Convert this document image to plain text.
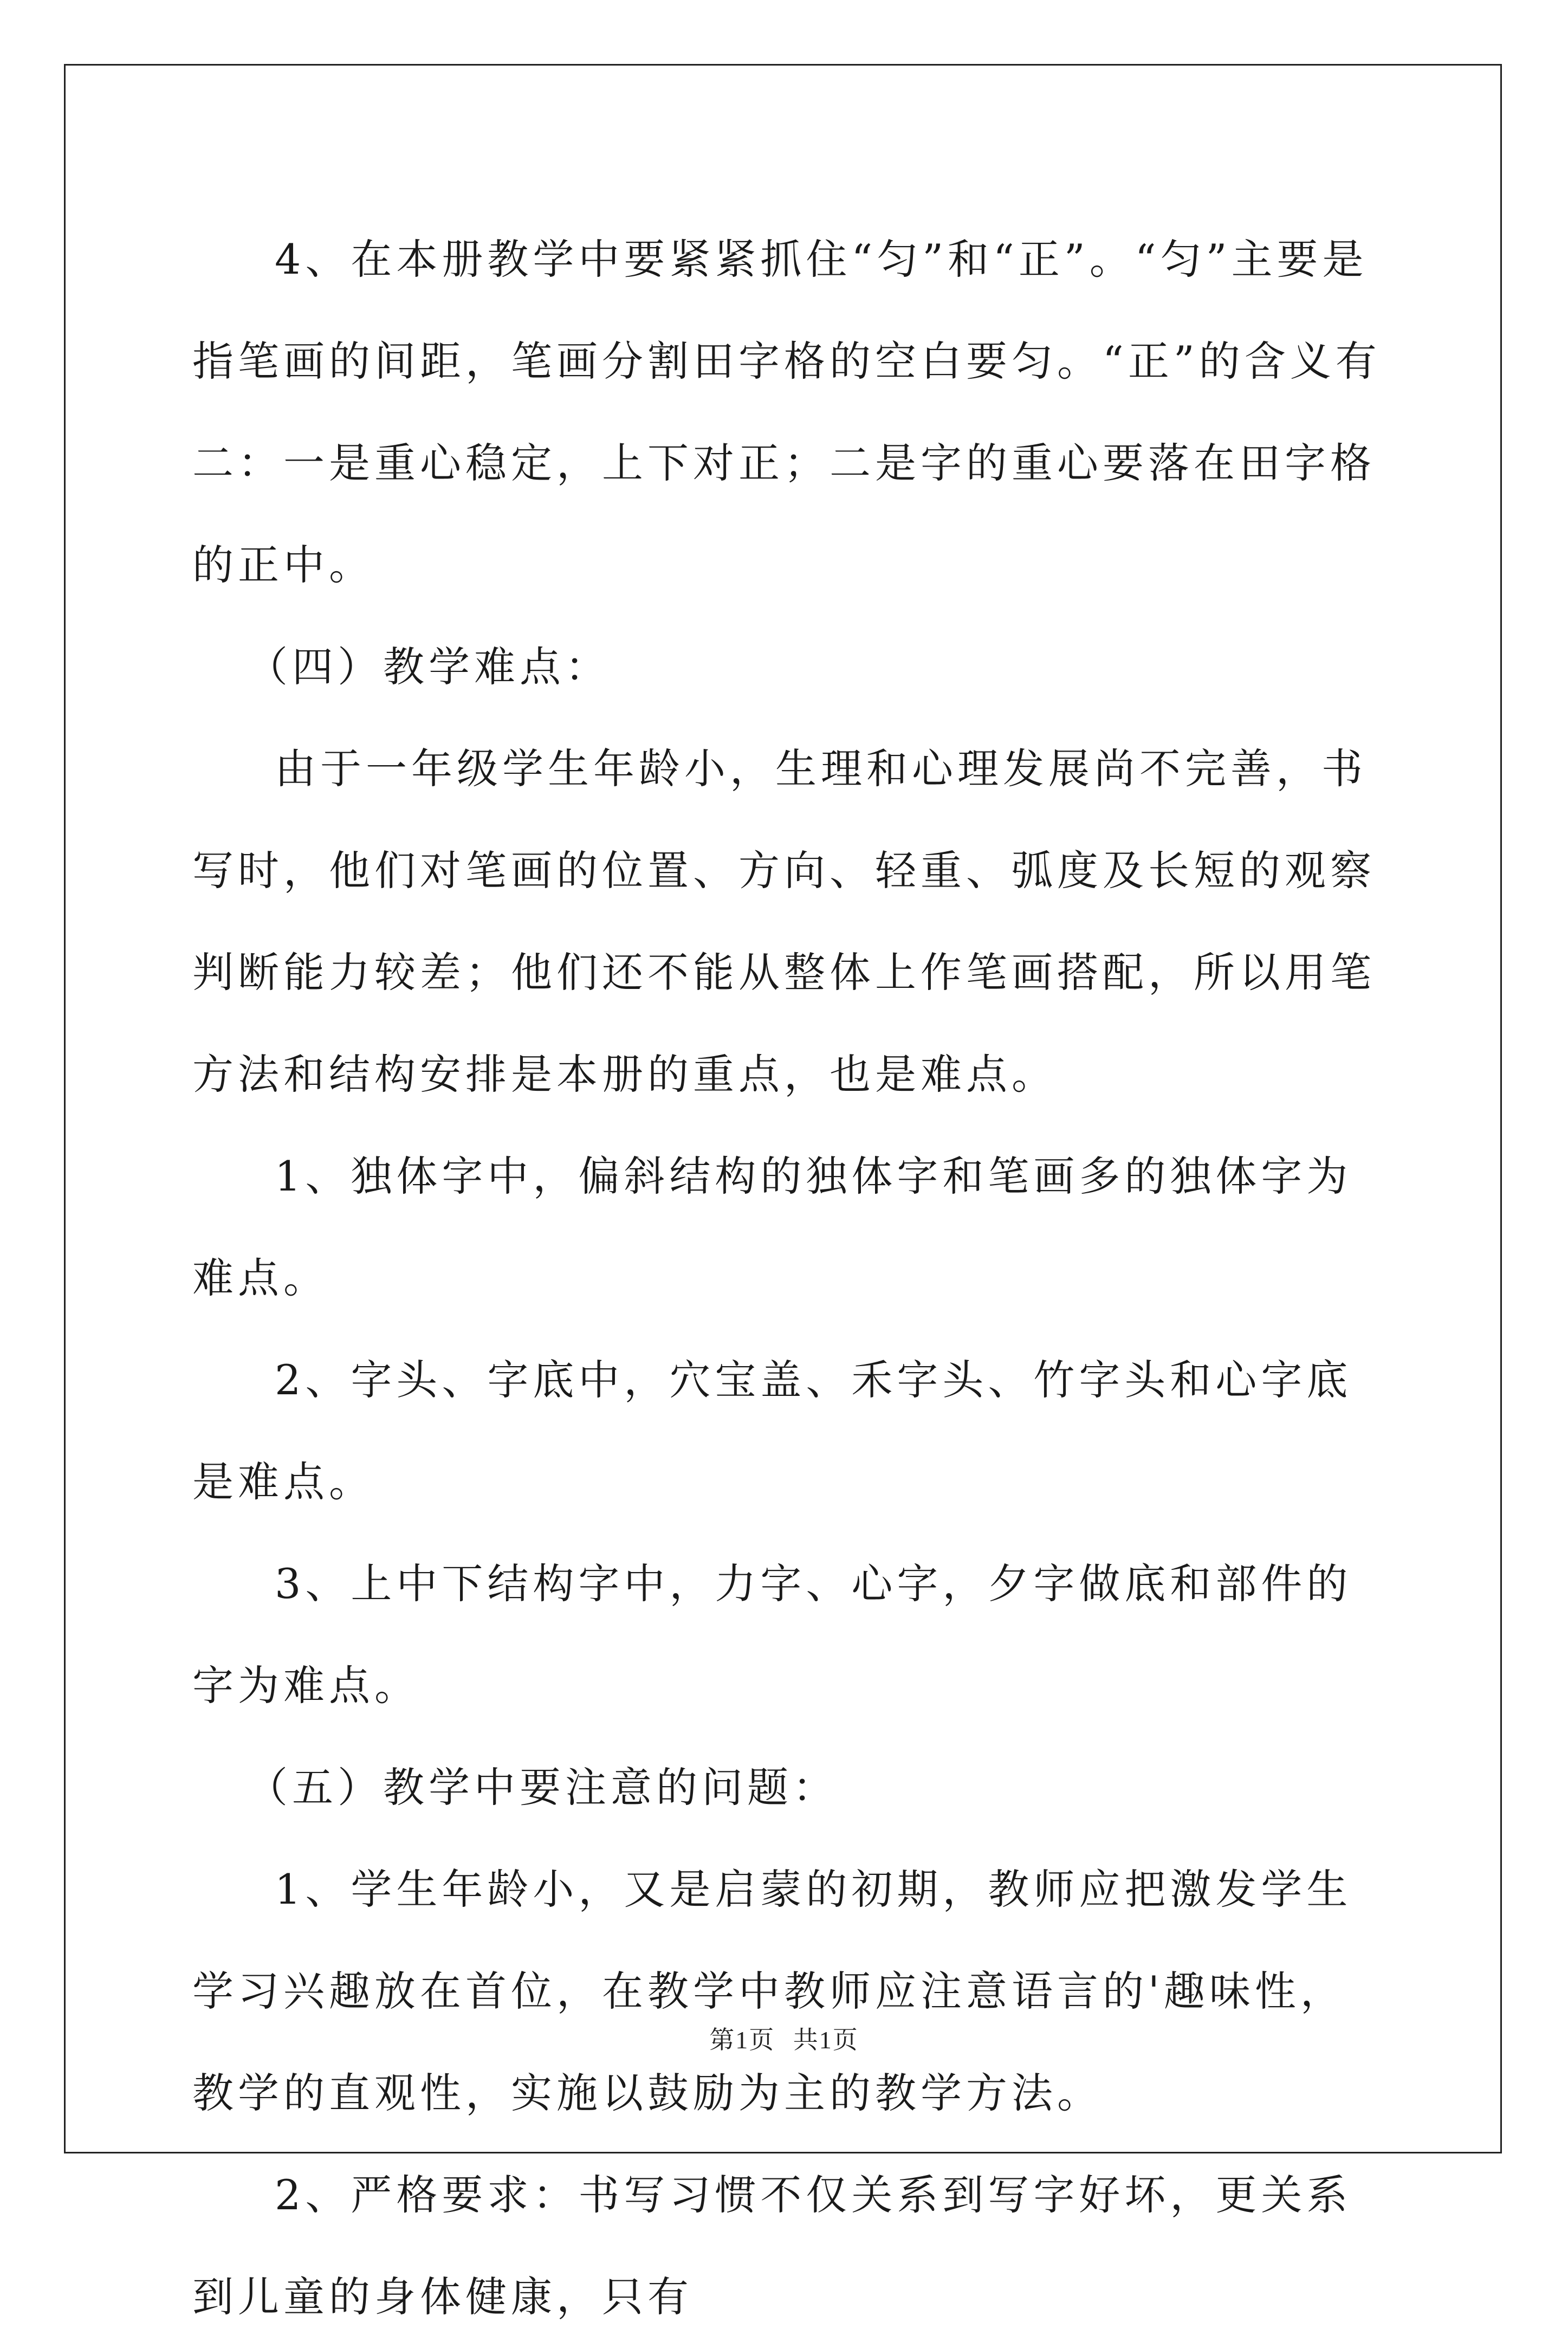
4、在本册教学中要紧紧抓住“匀”和“正”。“匀”主要是指笔画的间距，笔画分割田字格的空白要匀。“正”的含义有二：一是重心稳定，上下对正；二是字的重心要落在田字格的正中。

（四）教学难点：

由于一年级学生年龄小，生理和心理发展尚不完善，书写时，他们对笔画的位置、方向、轻重、弧度及长短的观察判断能力较差；他们还不能从整体上作笔画搭配，所以用笔方法和结构安排是本册的重点，也是难点。

1、独体字中，偏斜结构的独体字和笔画多的独体字为难点。

2、字头、字底中，穴宝盖、禾字头、竹字头和心字底是难点。

3、上中下结构字中，力字、心字，夕字做底和部件的字为难点。

（五）教学中要注意的问题：

1、学生年龄小，又是启蒙的初期，教师应把激发学生学习兴趣放在首位，在教学中教师应注意语言的'趣味性，教学的直观性，实施以鼓励为主的教学方法。

2、严格要求：书写习惯不仅关系到写字好坏，更关系到儿童的身体健康，只有

第1页 共1页
